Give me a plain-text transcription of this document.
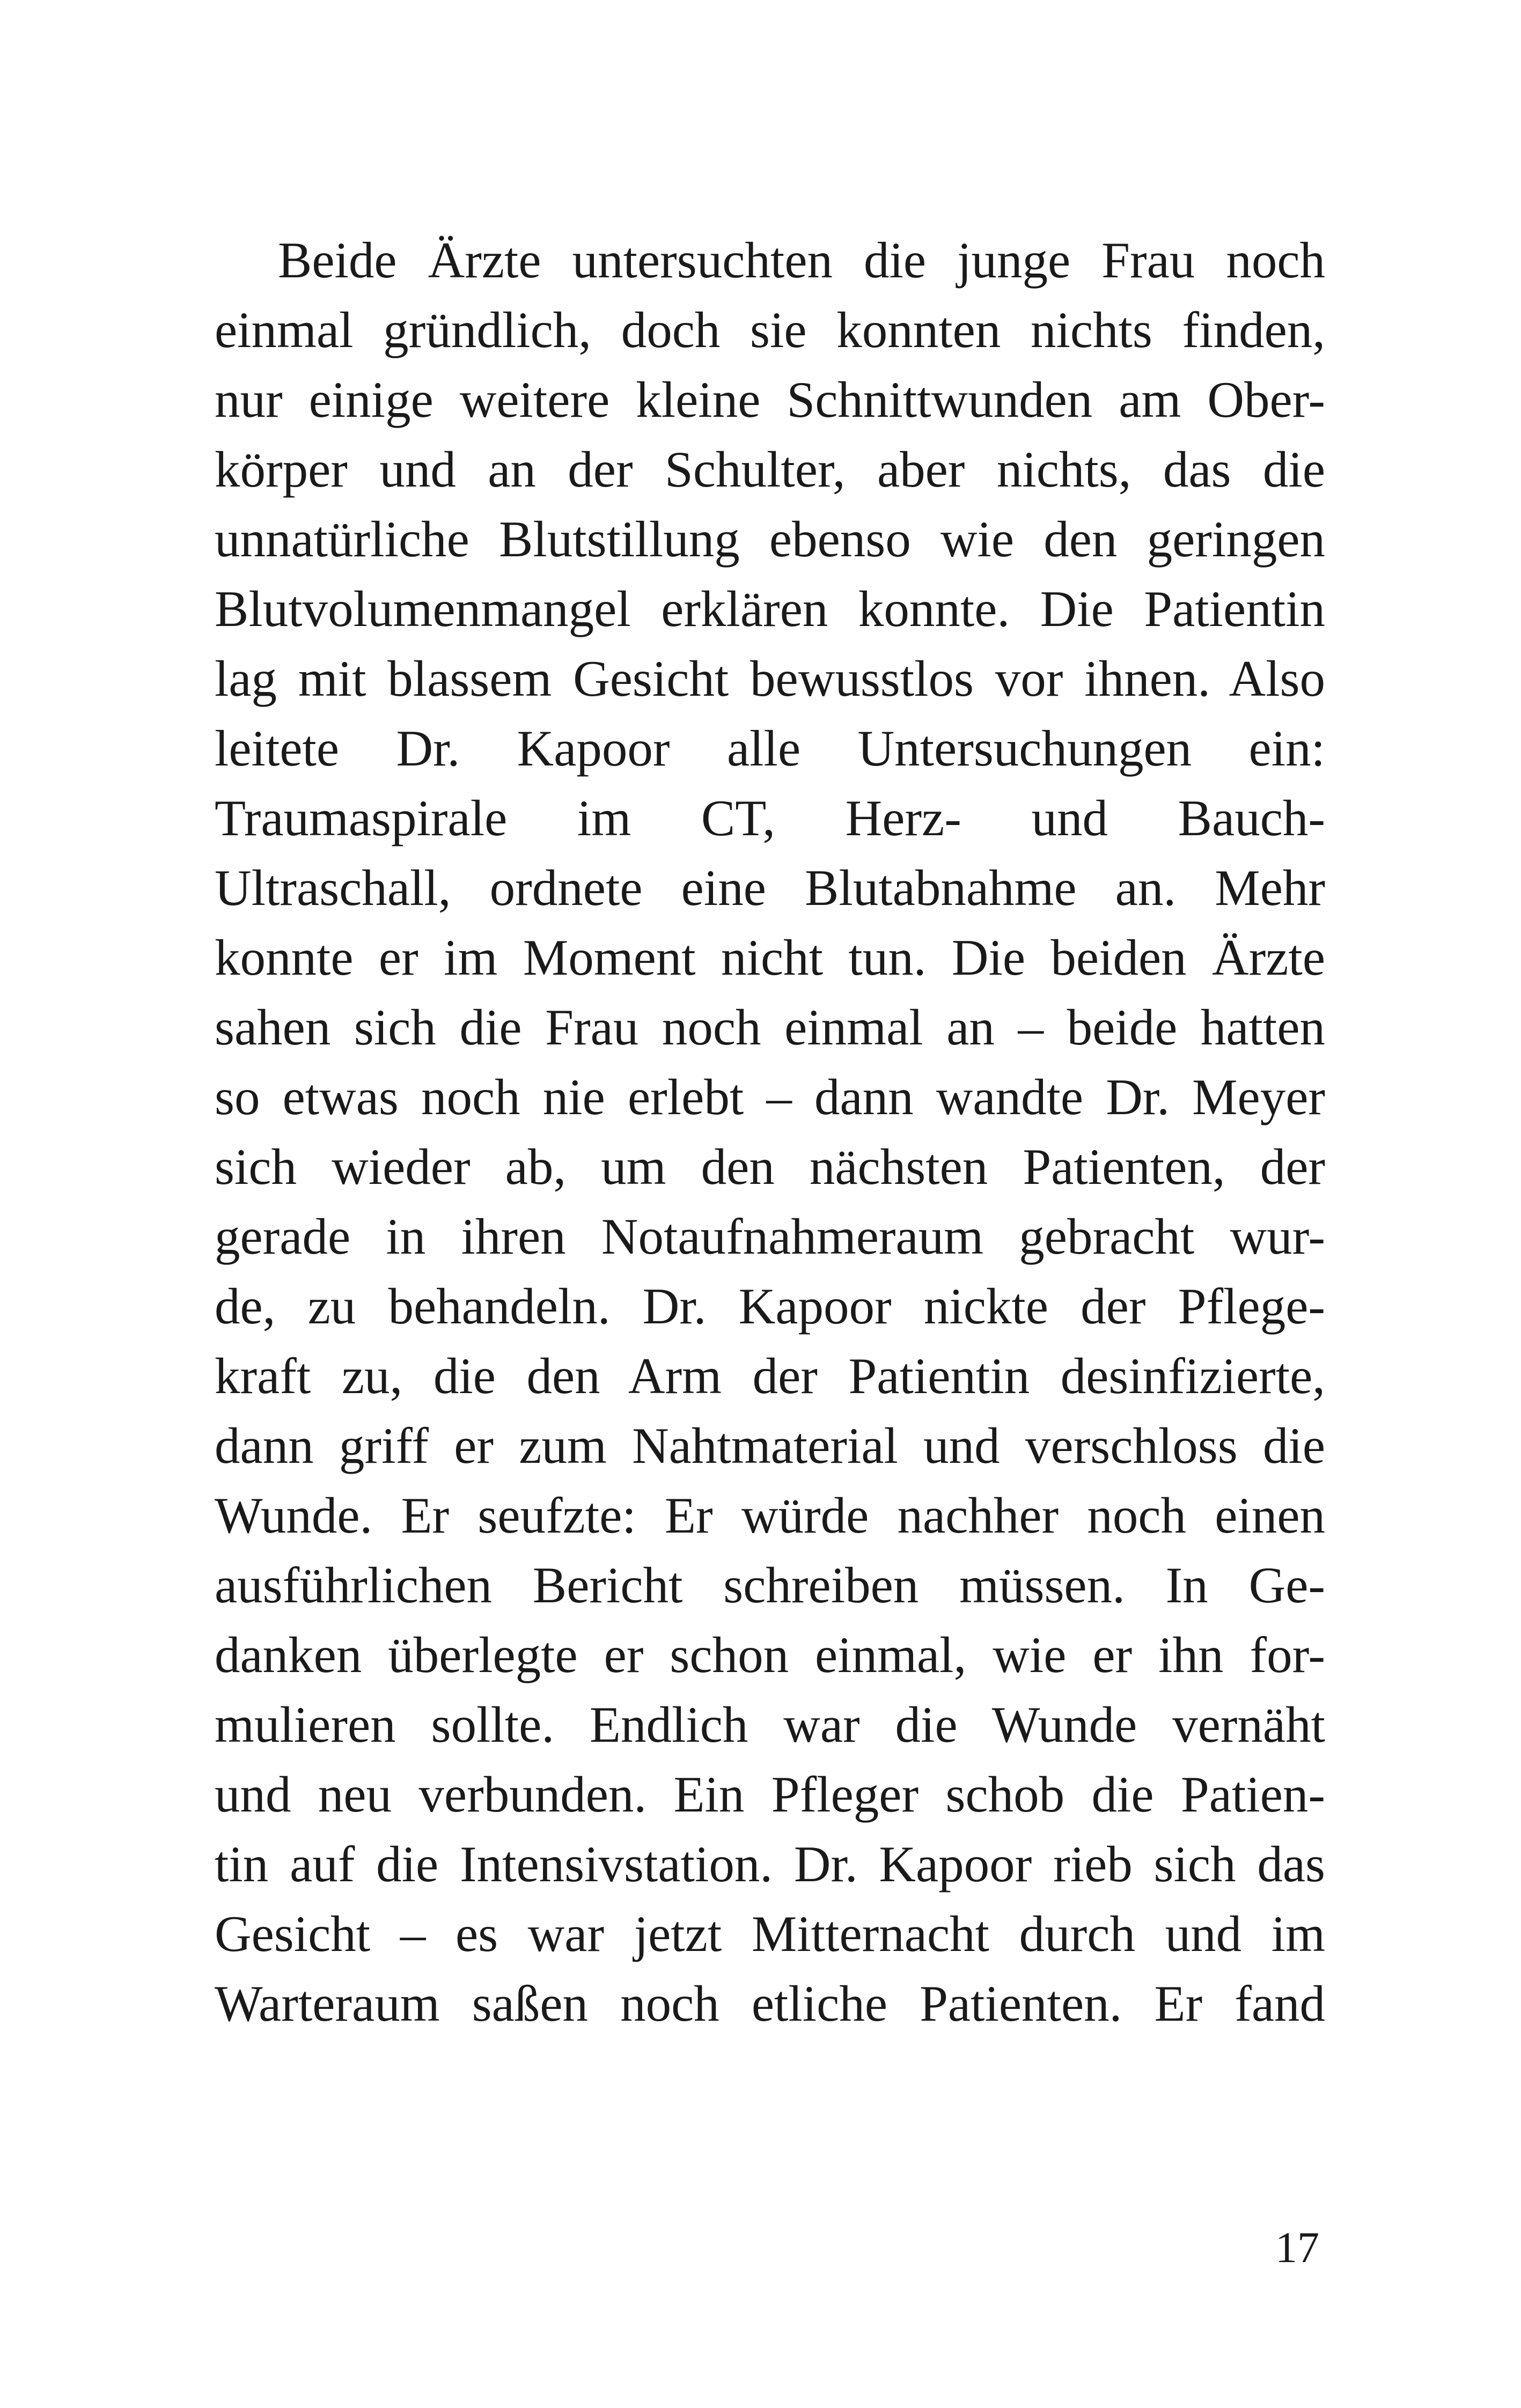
Beide Ärzte untersuchten die junge Frau noch
einmal gründlich, doch sie konnten nichts finden,
nur einige weitere kleine Schnittwunden am Ober-
körper und an der Schulter, aber nichts, das die
unnatürliche Blutstillung ebenso wie den geringen
Blutvolumenmangel erklären konnte. Die Patientin
lag mit blassem Gesicht bewusstlos vor ihnen. Also
leitete Dr. Kapoor alle Untersuchungen ein:
Traumaspirale im CT, Herz- und Bauch-
Ultraschall, ordnete eine Blutabnahme an. Mehr
konnte er im Moment nicht tun. Die beiden Ärzte
sahen sich die Frau noch einmal an – beide hatten
so etwas noch nie erlebt – dann wandte Dr. Meyer
sich wieder ab, um den nächsten Patienten, der
gerade in ihren Notaufnahmeraum gebracht wur-
de, zu behandeln. Dr. Kapoor nickte der Pflege-
kraft zu, die den Arm der Patientin desinfizierte,
dann griff er zum Nahtmaterial und verschloss die
Wunde. Er seufzte: Er würde nachher noch einen
ausführlichen Bericht schreiben müssen. In Ge-
danken überlegte er schon einmal, wie er ihn for-
mulieren sollte. Endlich war die Wunde vernäht
und neu verbunden. Ein Pfleger schob die Patien-
tin auf die Intensivstation. Dr. Kapoor rieb sich das
Gesicht – es war jetzt Mitternacht durch und im
Warteraum saßen noch etliche Patienten. Er fand
17
